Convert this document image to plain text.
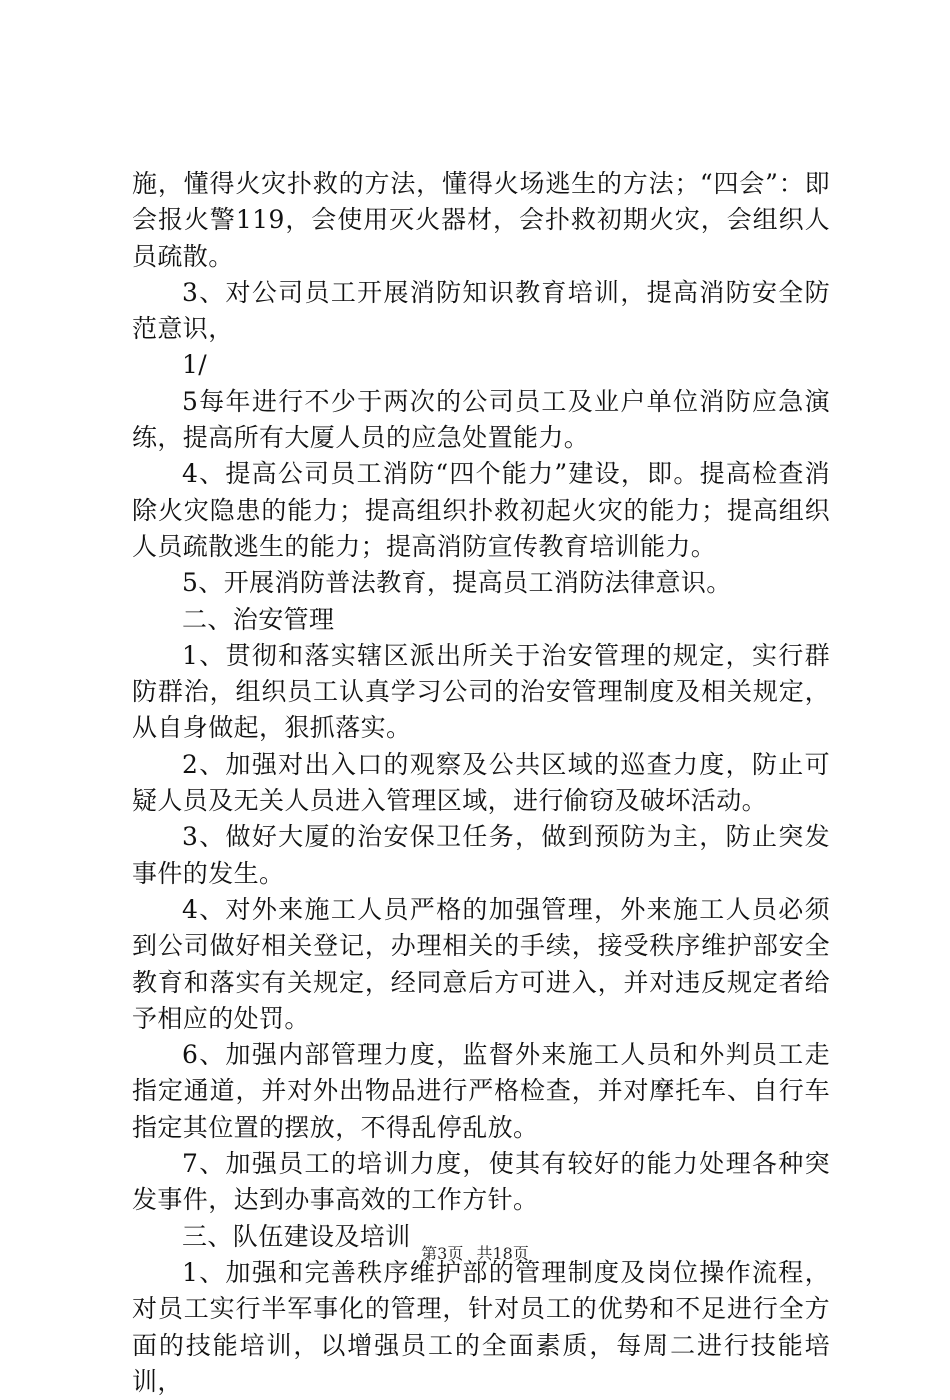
施，懂得火灾扑救的方法，懂得火场逃生的方法；“四会”：即会报火警119，会使用灭火器材，会扑救初期火灾，会组织人员疏散。

3、对公司员工开展消防知识教育培训，提高消防安全防范意识，

1/

5每年进行不少于两次的公司员工及业户单位消防应急演练，提高所有大厦人员的应急处置能力。

4、提高公司员工消防“四个能力”建设，即。提高检查消除火灾隐患的能力；提高组织扑救初起火灾的能力；提高组织人员疏散逃生的能力；提高消防宣传教育培训能力。

5、开展消防普法教育，提高员工消防法律意识。

二、治安管理

1、贯彻和落实辖区派出所关于治安管理的规定，实行群防群治，组织员工认真学习公司的治安管理制度及相关规定，从自身做起，狠抓落实。

2、加强对出入口的观察及公共区域的巡查力度，防止可疑人员及无关人员进入管理区域，进行偷窃及破坏活动。

3、做好大厦的治安保卫任务，做到预防为主，防止突发事件的发生。

4、对外来施工人员严格的加强管理，外来施工人员必须到公司做好相关登记，办理相关的手续，接受秩序维护部安全教育和落实有关规定，经同意后方可进入，并对违反规定者给予相应的处罚。

6、加强内部管理力度，监督外来施工人员和外判员工走指定通道，并对外出物品进行严格检查，并对摩托车、自行车指定其位置的摆放，不得乱停乱放。

7、加强员工的培训力度，使其有较好的能力处理各种突发事件，达到办事高效的工作方针。

三、队伍建设及培训

1、加强和完善秩序维护部的管理制度及岗位操作流程，对员工实行半军事化的管理，针对员工的优势和不足进行全方面的技能培训，以增强员工的全面素质，每周二进行技能培训，

第3页 共18页
